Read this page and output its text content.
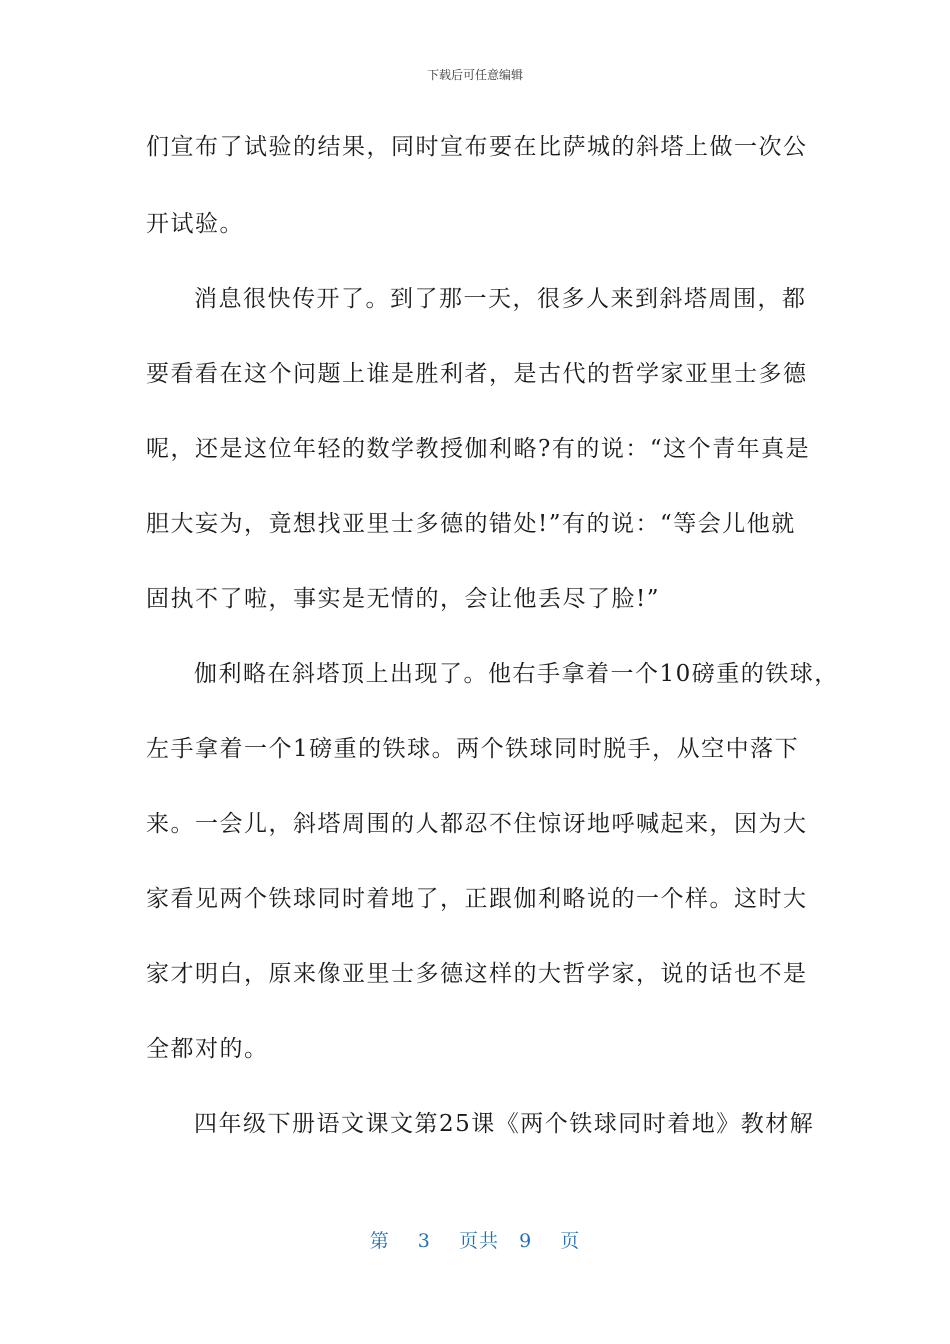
下载后可任意编辑
们宣布了试验的结果，同时宣布要在比萨城的斜塔上做一次公
开试验。
消息很快传开了。到了那一天，很多人来到斜塔周围，都
要看看在这个问题上谁是胜利者，是古代的哲学家亚里士多德
呢，还是这位年轻的数学教授伽利略?有的说：“这个青年真是
胆大妄为，竟想找亚里士多德的错处!”有的说：“等会儿他就
固执不了啦，事实是无情的，会让他丢尽了脸!”
伽利略在斜塔顶上出现了。他右手拿着一个10磅重的铁球，
左手拿着一个1磅重的铁球。两个铁球同时脱手，从空中落下
来。一会儿，斜塔周围的人都忍不住惊讶地呼喊起来，因为大
家看见两个铁球同时着地了，正跟伽利略说的一个样。这时大
家才明白，原来像亚里士多德这样的大哲学家，说的话也不是
全都对的。
四年级下册语文课文第25课《两个铁球同时着地》教材解
第 3 页共 9 页
